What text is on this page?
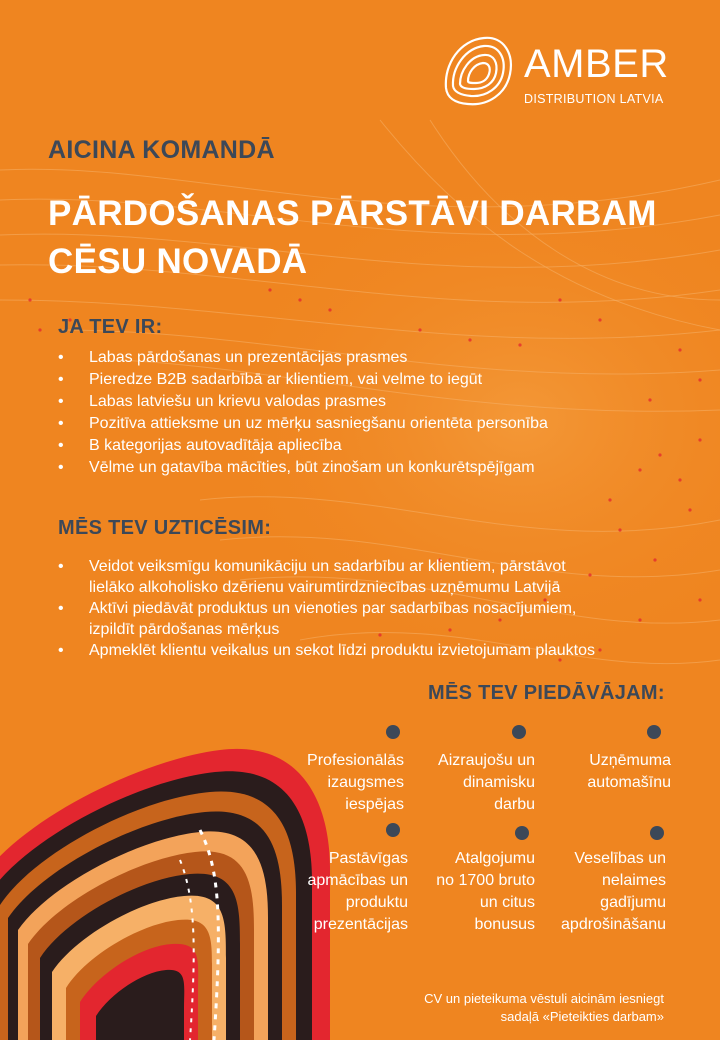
AMBER
DISTRIBUTION LATVIA
AICINA KOMANDĀ
PĀRDOŠANAS PĀRSTĀVI DARBAM
CĒSU NOVADĀ
JA TEV IR:
• Labas pārdošanas un prezentācijas prasmes
• Pieredze B2B sadarbībā ar klientiem, vai velme to iegūt
• Labas latviešu un krievu valodas prasmes
• Pozitīva attieksme un uz mērķu sasniegšanu orientēta personība
• B kategorijas autovadītāja apliecība
• Vēlme un gatavība mācīties, būt zinošam un konkurētspējīgam
MĒS TEV UZTICĒSIM:
• Veidot veiksmīgu komunikāciju un sadarbību ar klientiem, pārstāvot
lielāko alkoholisko dzērienu vairumtirdzniecības uzņēmumu Latvijā
• Aktīvi piedāvāt produktus un vienoties par sadarbības nosacījumiem,
izpildīt pārdošanas mērķus
• Apmeklēt klientu veikalus un sekot līdzi produktu izvietojumam plauktos
MĒS TEV PIEDĀVĀJAM:
Profesionālās
izaugsmes
iespējas
Aizraujošu un
dinamisku
darbu
Uzņēmuma
automašīnu
Pastāvīgas
apmācības un
produktu
prezentācijas
Atalgojumu
no 1700 bruto
un citus
bonusus
Veselības un
nelaimes
gadījumu
apdrošināšanu
CV un pieteikuma vēstuli aicinām iesniegt
sadaļā «Pieteikties darbam»
